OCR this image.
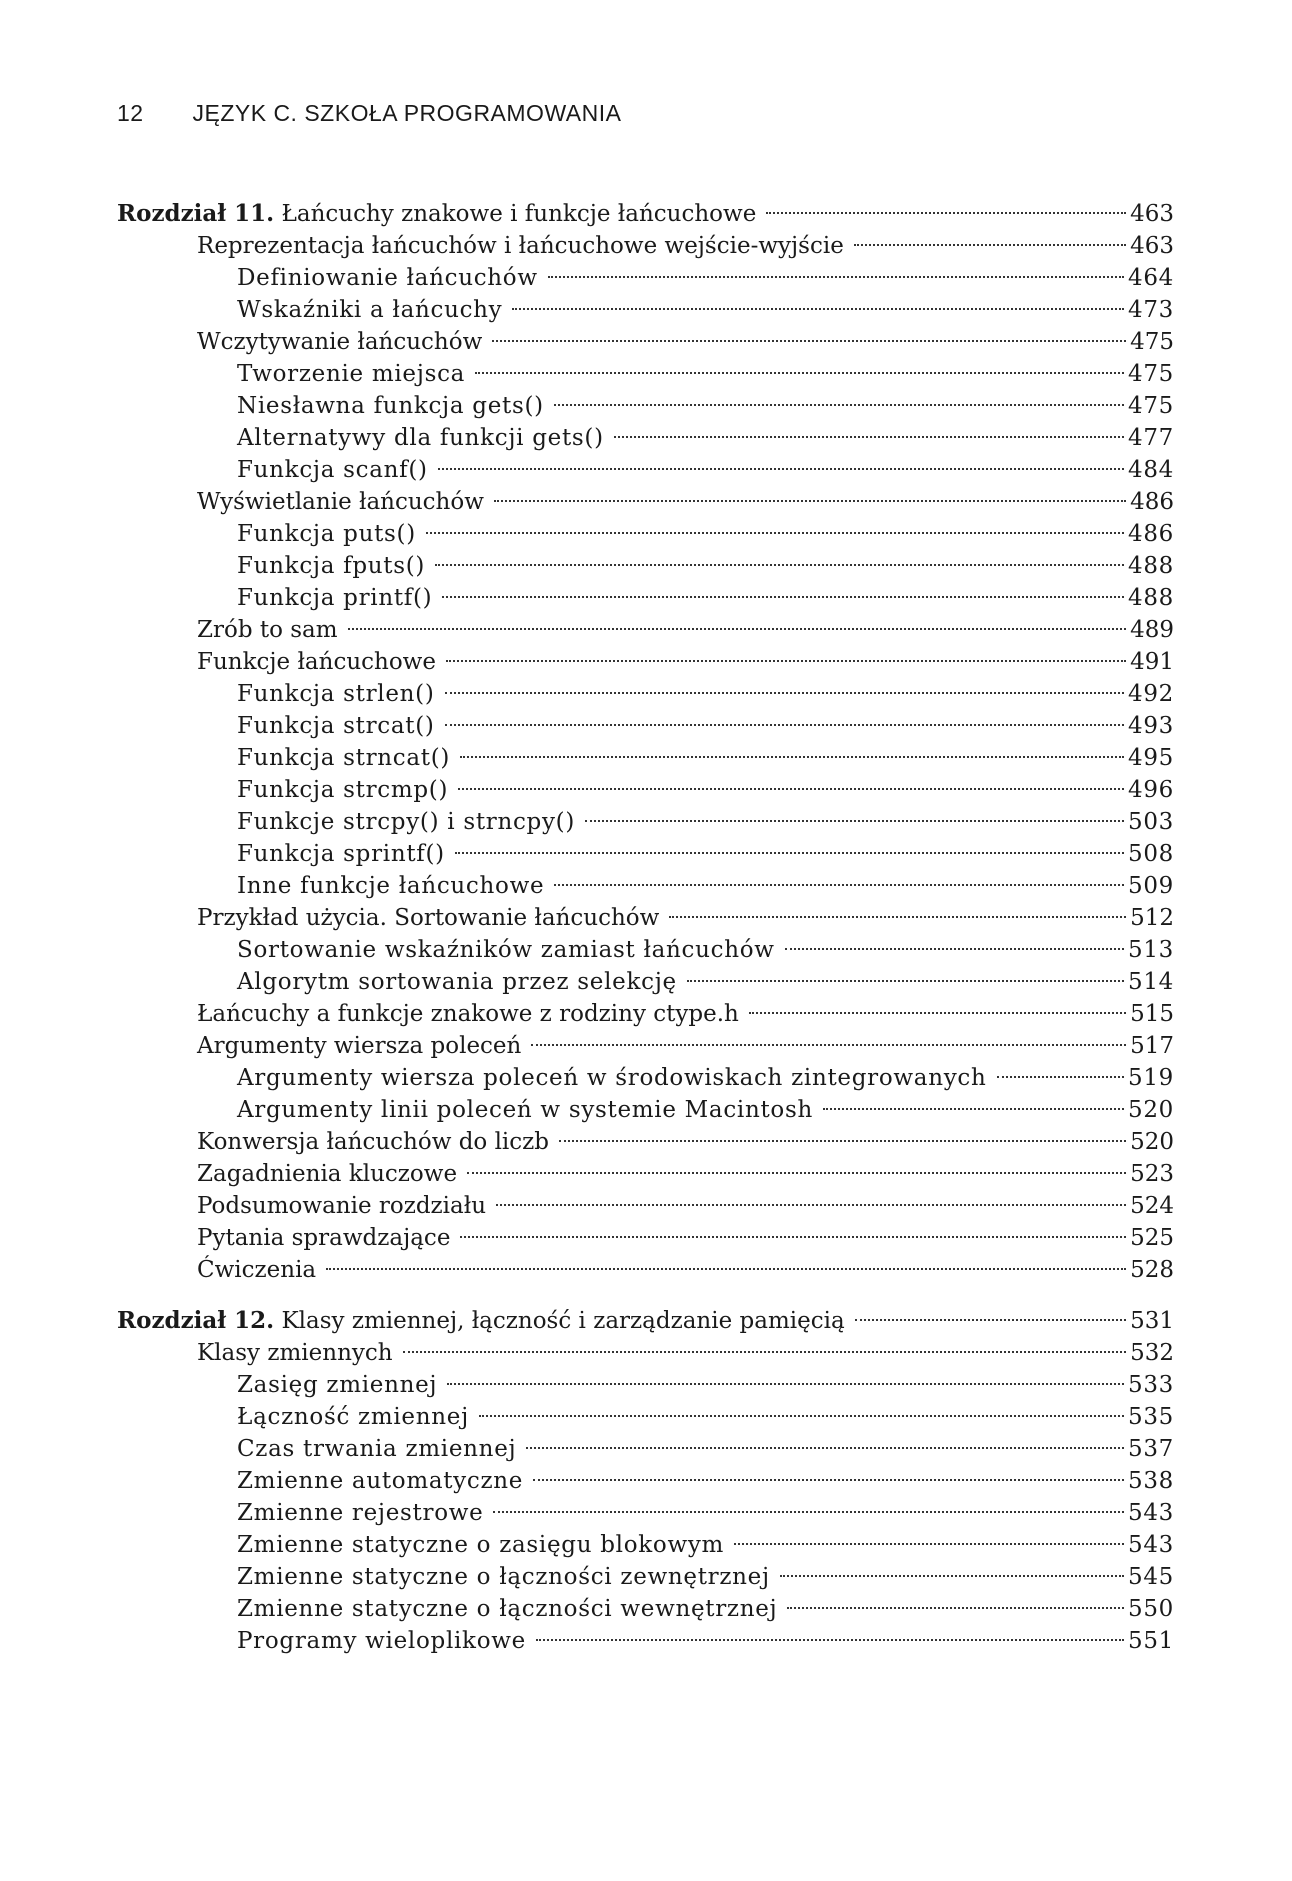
12 JĘZYK C. SZKOŁA PROGRAMOWANIA
Rozdział 11. Łańcuchy znakowe i funkcje łańcuchowe	463
Reprezentacja łańcuchów i łańcuchowe wejście-wyjście	463
Definiowanie łańcuchów	464
Wskaźniki a łańcuchy	473
Wczytywanie łańcuchów	475
Tworzenie miejsca	475
Niesławna funkcja gets()	475
Alternatywy dla funkcji gets()	477
Funkcja scanf()	484
Wyświetlanie łańcuchów	486
Funkcja puts()	486
Funkcja fputs()	488
Funkcja printf()	488
Zrób to sam	489
Funkcje łańcuchowe	491
Funkcja strlen()	492
Funkcja strcat()	493
Funkcja strncat()	495
Funkcja strcmp()	496
Funkcje strcpy() i strncpy()	503
Funkcja sprintf()	508
Inne funkcje łańcuchowe	509
Przykład użycia. Sortowanie łańcuchów	512
Sortowanie wskaźników zamiast łańcuchów	513
Algorytm sortowania przez selekcję	514
Łańcuchy a funkcje znakowe z rodziny ctype.h	515
Argumenty wiersza poleceń	517
Argumenty wiersza poleceń w środowiskach zintegrowanych	519
Argumenty linii poleceń w systemie Macintosh	520
Konwersja łańcuchów do liczb	520
Zagadnienia kluczowe	523
Podsumowanie rozdziału	524
Pytania sprawdzające	525
Ćwiczenia	528
Rozdział 12. Klasy zmiennej, łączność i zarządzanie pamięcią	531
Klasy zmiennych	532
Zasięg zmiennej	533
Łączność zmiennej	535
Czas trwania zmiennej	537
Zmienne automatyczne	538
Zmienne rejestrowe	543
Zmienne statyczne o zasięgu blokowym	543
Zmienne statyczne o łączności zewnętrznej	545
Zmienne statyczne o łączności wewnętrznej	550
Programy wieloplikowe	551
